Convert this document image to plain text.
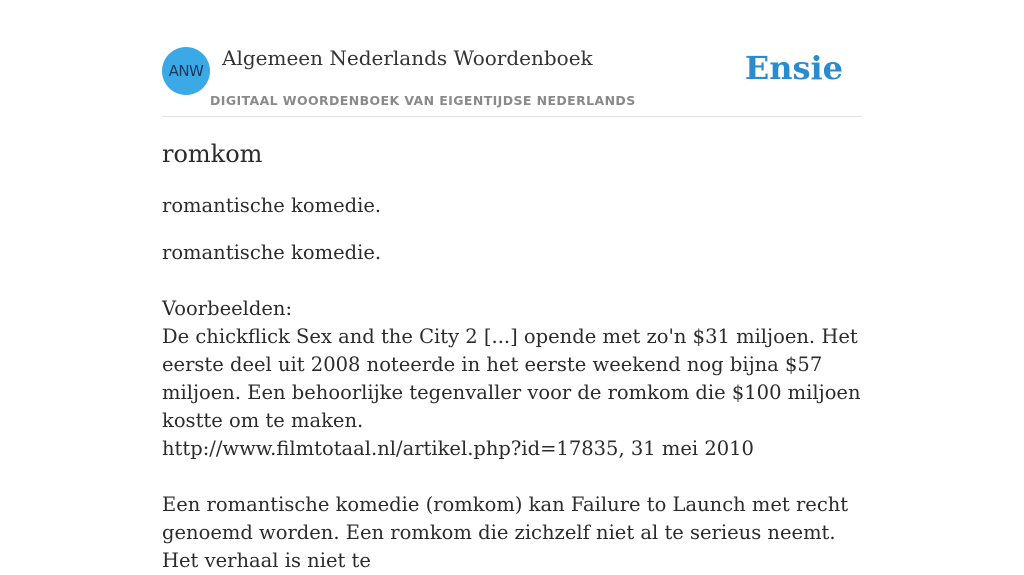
ANW
Algemeen Nederlands Woordenboek
DIGITAAL WOORDENBOEK VAN EIGENTIJDSE NEDERLANDS
Ensie
romkom
romantische komedie.

romantische komedie.

Voorbeelden:

De chickflick Sex and the City 2 [...] opende met zo'n $31 miljoen. Het eerste deel uit 2008 noteerde in het eerste weekend nog bijna $57 miljoen. Een behoorlijke tegenvaller voor de romkom die $100 miljoen kostte om te maken.

http://www.filmtotaal.nl/artikel.php?id=17835, 31 mei 2010

Een romantische komedie (romkom) kan Failure to Launch met recht genoemd worden. Een romkom die zichzelf niet al te serieus neemt. Het verhaal is niet te
